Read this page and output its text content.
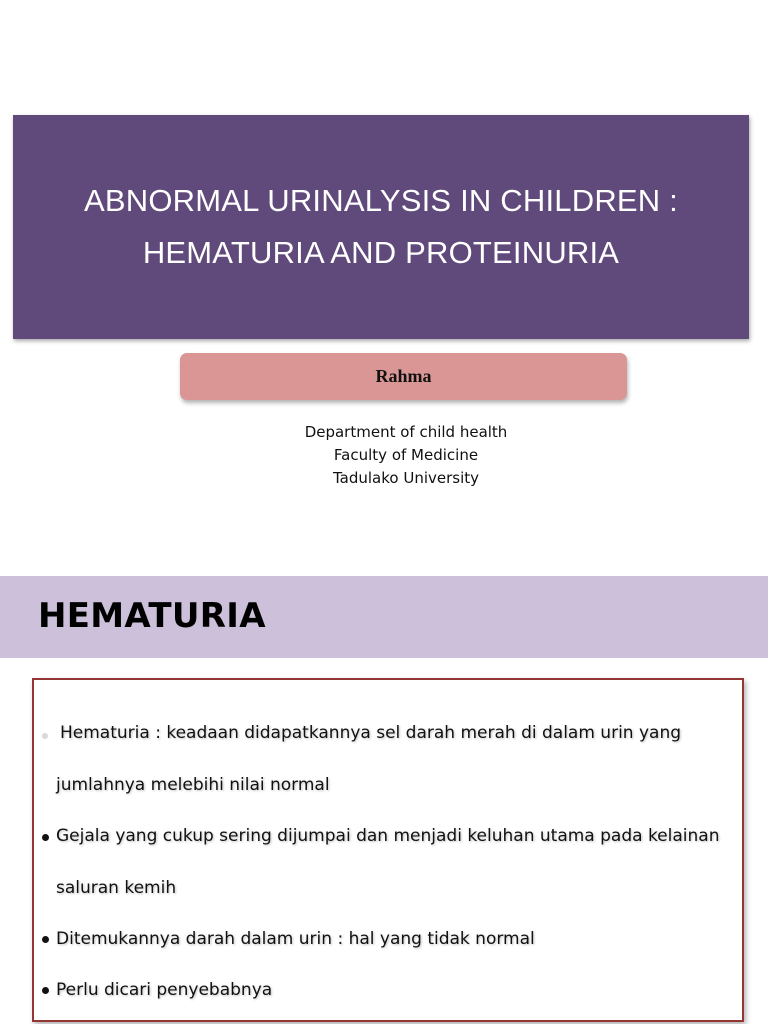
ABNORMAL URINALYSIS IN CHILDREN :
HEMATURIA AND PROTEINURIA
Rahma
Department of child health
Faculty of Medicine
Tadulako University
HEMATURIA
Hematuria : keadaan didapatkannya sel darah merah di dalam urin yang
jumlahnya melebihi nilai normal
Gejala yang cukup sering dijumpai dan menjadi keluhan utama pada kelainan
saluran kemih
Ditemukannya darah dalam urin : hal yang tidak normal
Perlu dicari penyebabnya
